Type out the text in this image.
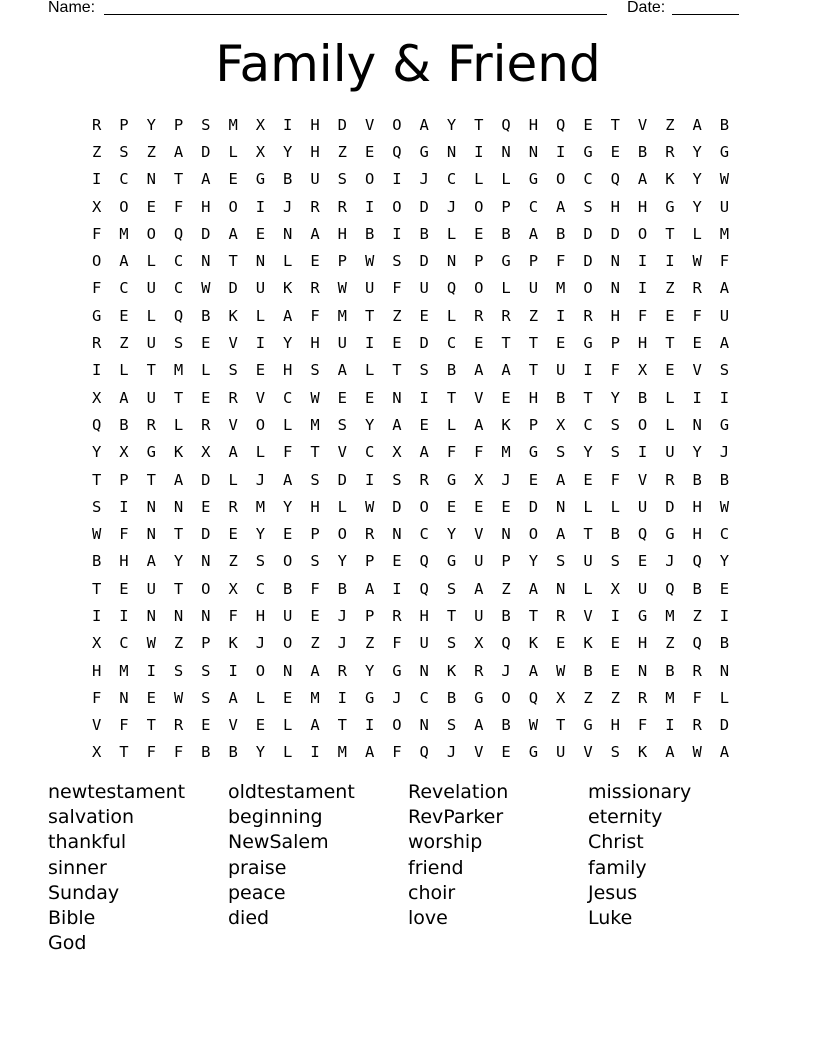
Name:

	Date:

Family & Friend
R	P	Y	P	S	M	X	I	H	D	V	O	A	Y	T	Q	H	Q	E	T	V	Z	A	B
Z	S	Z	A	D	L	X	Y	H	Z	E	Q	G	N	I	N	N	I	G	E	B	R	Y	G
I	C	N	T	A	E	G	B	U	S	O	I	J	C	L	L	G	O	C	Q	A	K	Y	W
X	O	E	F	H	O	I	J	R	R	I	O	D	J	O	P	C	A	S	H	H	G	Y	U
F	M	O	Q	D	A	E	N	A	H	B	I	B	L	E	B	A	B	D	D	O	T	L	M
O	A	L	C	N	T	N	L	E	P	W	S	D	N	P	G	P	F	D	N	I	I	W	F
F	C	U	C	W	D	U	K	R	W	U	F	U	Q	O	L	U	M	O	N	I	Z	R	A
G	E	L	Q	B	K	L	A	F	M	T	Z	E	L	R	R	Z	I	R	H	F	E	F	U
R	Z	U	S	E	V	I	Y	H	U	I	E	D	C	E	T	T	E	G	P	H	T	E	A
I	L	T	M	L	S	E	H	S	A	L	T	S	B	A	A	T	U	I	F	X	E	V	S
X	A	U	T	E	R	V	C	W	E	E	N	I	T	V	E	H	B	T	Y	B	L	I	I
Q	B	R	L	R	V	O	L	M	S	Y	A	E	L	A	K	P	X	C	S	O	L	N	G
Y	X	G	K	X	A	L	F	T	V	C	X	A	F	F	M	G	S	Y	S	I	U	Y	J
T	P	T	A	D	L	J	A	S	D	I	S	R	G	X	J	E	A	E	F	V	R	B	B
S	I	N	N	E	R	M	Y	H	L	W	D	O	E	E	E	D	N	L	L	U	D	H	W
W	F	N	T	D	E	Y	E	P	O	R	N	C	Y	V	N	O	A	T	B	Q	G	H	C
B	H	A	Y	N	Z	S	O	S	Y	P	E	Q	G	U	P	Y	S	U	S	E	J	Q	Y
T	E	U	T	O	X	C	B	F	B	A	I	Q	S	A	Z	A	N	L	X	U	Q	B	E
I	I	N	N	N	F	H	U	E	J	P	R	H	T	U	B	T	R	V	I	G	M	Z	I
X	C	W	Z	P	K	J	O	Z	J	Z	F	U	S	X	Q	K	E	K	E	H	Z	Q	B
H	M	I	S	S	I	O	N	A	R	Y	G	N	K	R	J	A	W	B	E	N	B	R	N
F	N	E	W	S	A	L	E	M	I	G	J	C	B	G	O	Q	X	Z	Z	R	M	F	L
V	F	T	R	E	V	E	L	A	T	I	O	N	S	A	B	W	T	G	H	F	I	R	D
X	T	F	F	B	B	Y	L	I	M	A	F	Q	J	V	E	G	U	V	S	K	A	W	A
newtestament	oldtestament	Revelation	missionary
salvation	beginning	RevParker	eternity
thankful	NewSalem	worship	Christ
sinner	praise	friend	family
Sunday	peace	choir	Jesus
Bible	died	love	Luke
God
